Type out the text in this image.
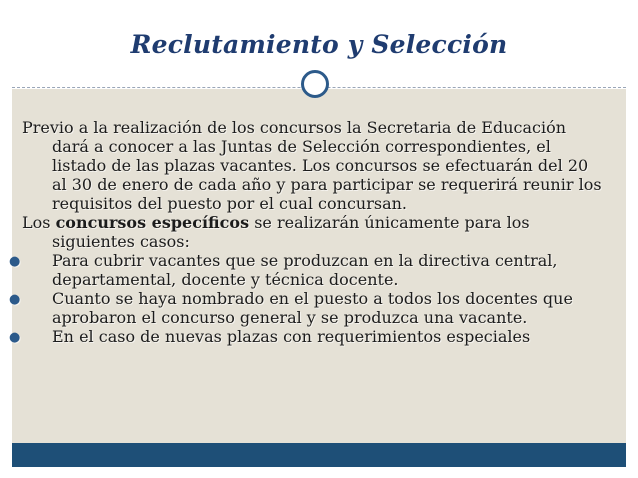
Reclutamiento y Selección

Previo a la realización de los concursos la Secretaria de Educación dará a conocer a las Juntas de Selección correspondientes, el listado de las plazas vacantes. Los concursos se efectuarán del 20 al 30 de enero de cada año y para participar se requerirá reunir los requisitos del puesto por el cual concursan.

Los concursos específicos se realizarán únicamente para los siguientes casos:

● Para cubrir vacantes que se produzcan en la directiva central, departamental, docente y técnica docente.

● Cuanto se haya nombrado en el puesto a todos los docentes que aprobaron el concurso general y se produzca una vacante.

● En el caso de nuevas plazas con requerimientos especiales
